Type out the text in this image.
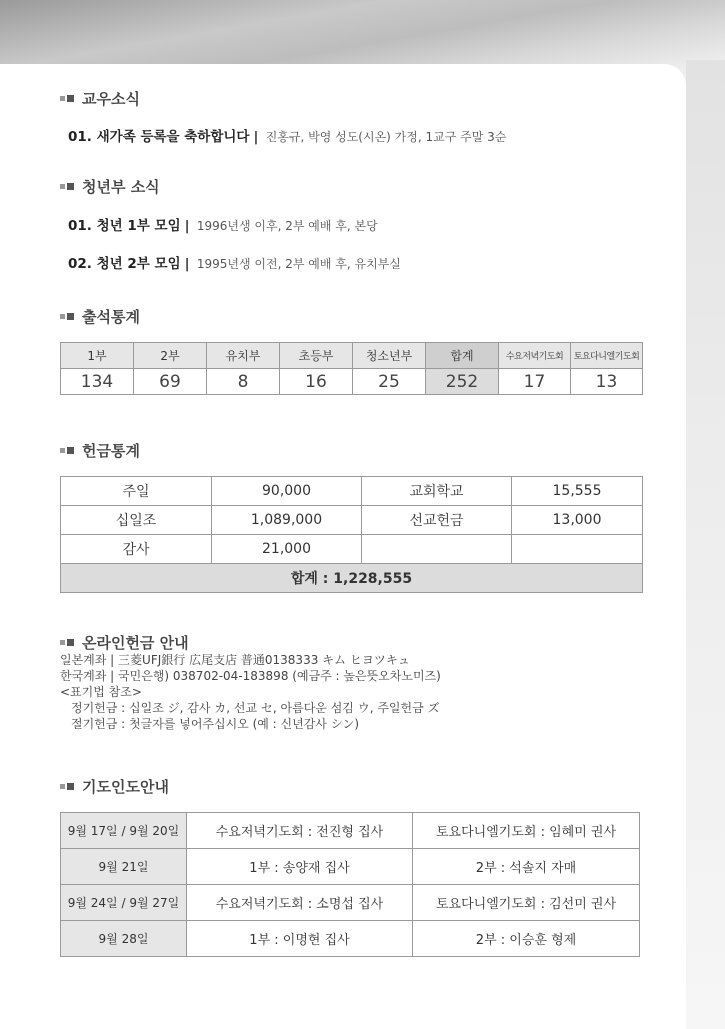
교우소식
01. 새가족 등록을 축하합니다 | 진홍규, 박영 성도(시온) 가정, 1교구 주말 3순
청년부 소식
01. 청년 1부 모임 | 1996년생 이후, 2부 예배 후, 본당
02. 청년 2부 모임 | 1995년생 이전, 2부 예배 후, 유치부실
출석통계
1부	2부	유치부	초등부	청소년부	합계	수요저녁기도회	토요다니엘기도회
134	69	8	16	25	252	17	13
헌금통계
주일	90,000	교회학교	15,555
십일조	1,089,000	선교헌금	13,000
감사	21,000		
합계 : 1,228,555			
온라인헌금 안내
일본계좌 | 三菱UFJ銀行 広尾支店 普通0138333 キム ヒヨツキュ
한국계좌 | 국민은행) 038702-04-183898 (예금주 : 높은뜻오차노미즈)
<표기법 참조>
정기헌금 : 십일조 ジ, 감사 カ, 선교 セ, 아름다운 섬김 ウ, 주일헌금 ズ
절기헌금 : 첫글자를 넣어주십시오 (예 : 신년감사 シン)
기도인도안내
9월 17일 / 9월 20일	수요저녁기도회 : 전진형 집사	토요다니엘기도회 : 임혜미 권사
9월 21일	1부 : 송양재 집사	2부 : 석솔지 자매
9월 24일 / 9월 27일	수요저녁기도회 : 소명섭 집사	토요다니엘기도회 : 김선미 권사
9월 28일	1부 : 이명현 집사	2부 : 이승훈 형제
